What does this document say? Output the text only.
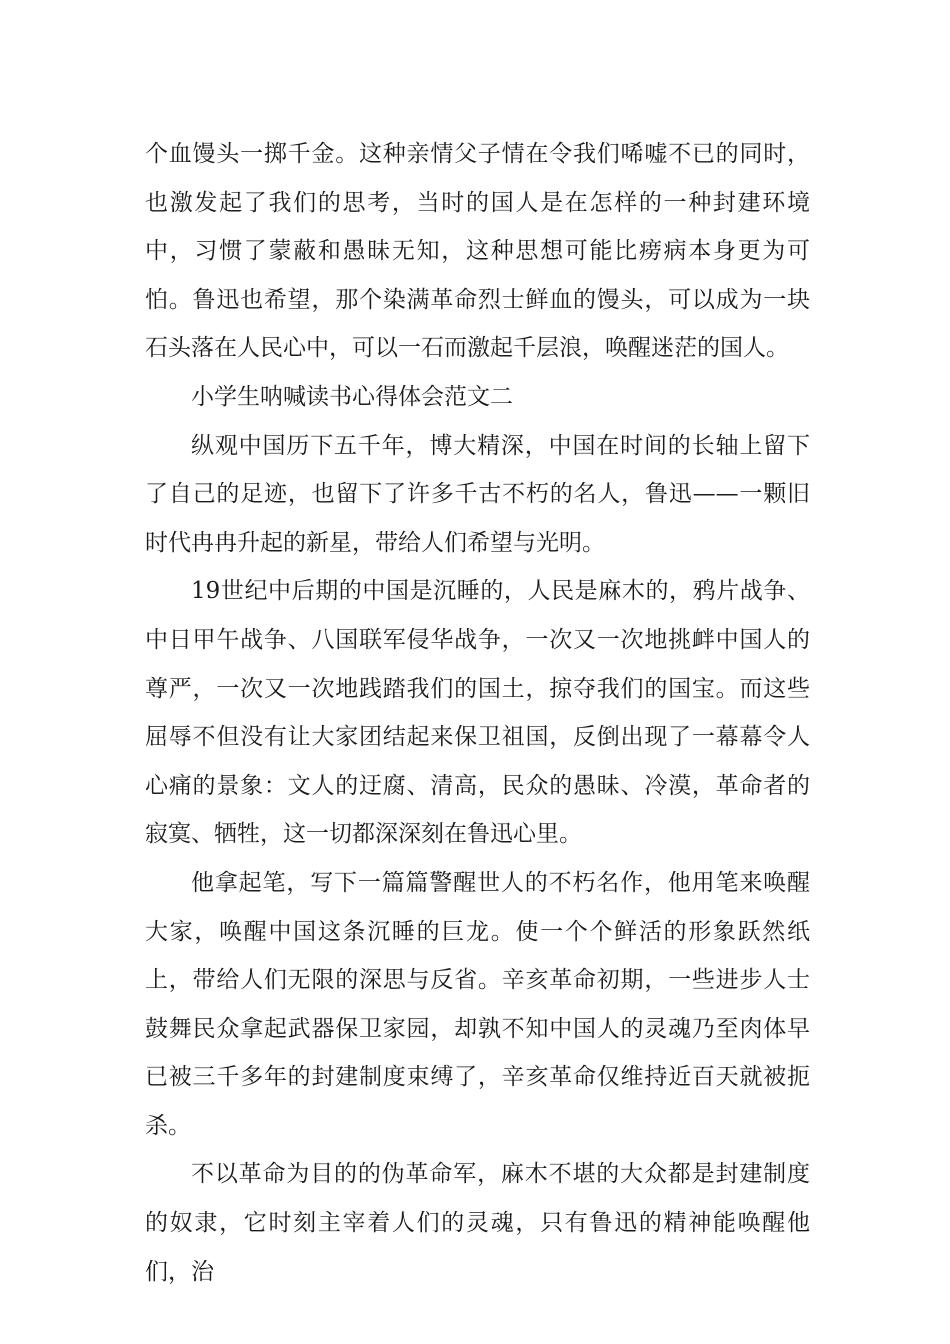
个血馒头一掷千金。这种亲情父子情在令我们唏嘘不已的同时，也激发起了我们的思考，当时的国人是在怎样的一种封建环境中，习惯了蒙蔽和愚昧无知，这种思想可能比痨病本身更为可怕。鲁迅也希望，那个染满革命烈士鲜血的馒头，可以成为一块石头落在人民心中，可以一石而激起千层浪，唤醒迷茫的国人。

小学生呐喊读书心得体会范文二

纵观中国历下五千年，博大精深，中国在时间的长轴上留下了自己的足迹，也留下了许多千古不朽的名人，鲁迅——一颗旧时代冉冉升起的新星，带给人们希望与光明。

19世纪中后期的中国是沉睡的，人民是麻木的，鸦片战争、中日甲午战争、八国联军侵华战争，一次又一次地挑衅中国人的尊严，一次又一次地践踏我们的国土，掠夺我们的国宝。而这些屈辱不但没有让大家团结起来保卫祖国，反倒出现了一幕幕令人心痛的景象：文人的迂腐、清高，民众的愚昧、冷漠，革命者的寂寞、牺牲，这一切都深深刻在鲁迅心里。

他拿起笔，写下一篇篇警醒世人的不朽名作，他用笔来唤醒大家，唤醒中国这条沉睡的巨龙。使一个个鲜活的形象跃然纸上，带给人们无限的深思与反省。辛亥革命初期，一些进步人士鼓舞民众拿起武器保卫家园，却孰不知中国人的灵魂乃至肉体早已被三千多年的封建制度束缚了，辛亥革命仅维持近百天就被扼杀。

不以革命为目的的伪革命军，麻木不堪的大众都是封建制度的奴隶，它时刻主宰着人们的灵魂，只有鲁迅的精神能唤醒他们，治
